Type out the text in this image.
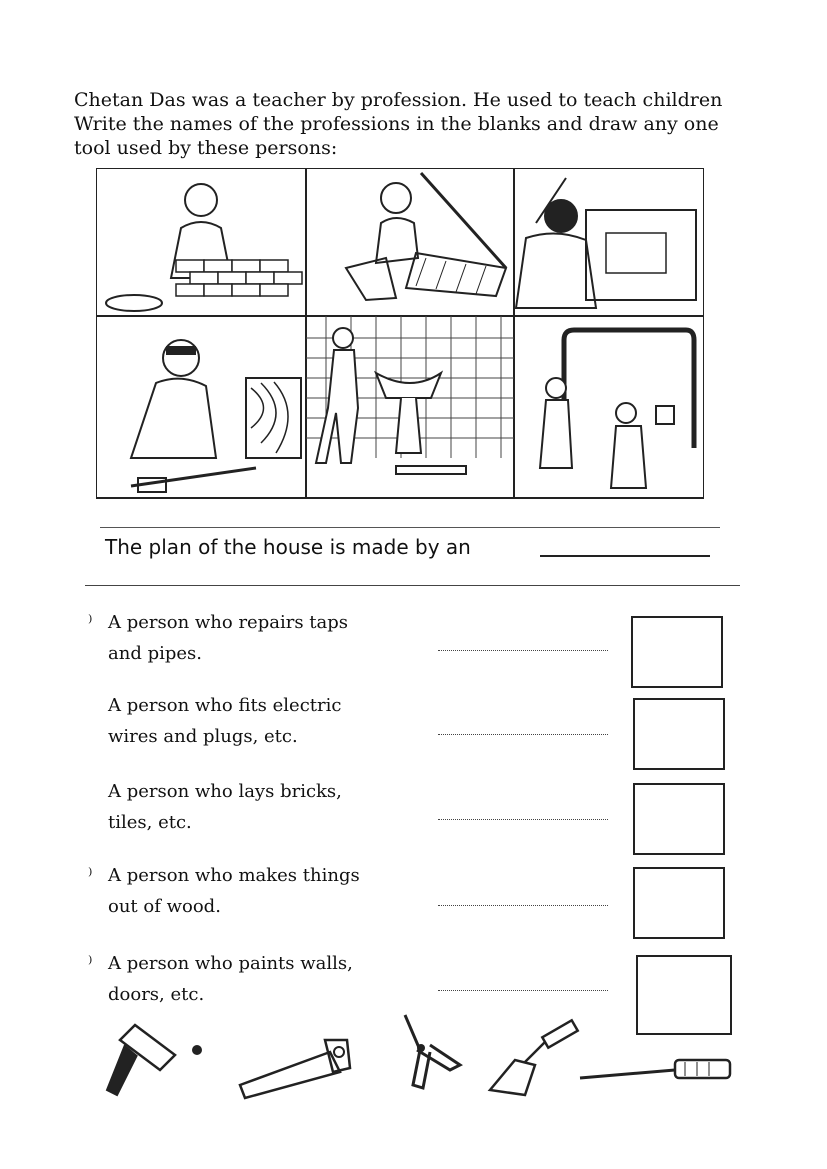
Chetan Das was a teacher by profession. He used to teach children
Write the names of the professions in the blanks and draw any one
tool used by these persons:
The plan of the house is made by an
⁾ A person who repairs taps
and pipes.
A person who fits electric
wires and plugs, etc.
A person who lays bricks,
tiles, etc.
⁾ A person who makes things
out of wood.
⁾ A person who paints walls,
doors, etc.
